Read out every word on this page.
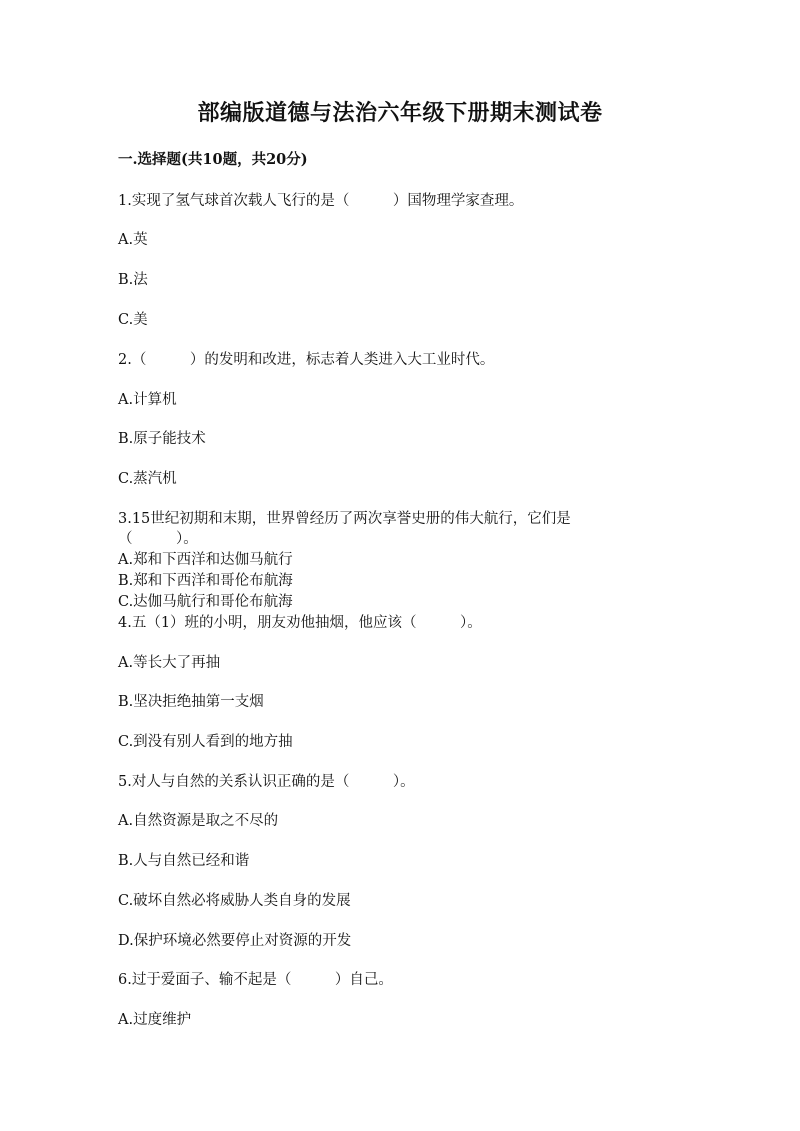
部编版道德与法治六年级下册期末测试卷
一.选择题(共10题，共20分)
1.实现了氢气球首次载人飞行的是（　　　）国物理学家查理。
A.英
B.法
C.美
2.（　　　）的发明和改进，标志着人类进入大工业时代。
A.计算机
B.原子能技术
C.蒸汽机
3.15世纪初期和末期，世界曾经历了两次享誉史册的伟大航行，它们是
（　　　）。
A.郑和下西洋和达伽马航行
B.郑和下西洋和哥伦布航海
C.达伽马航行和哥伦布航海
4.五（1）班的小明，朋友劝他抽烟，他应该（　　　）。
A.等长大了再抽
B.坚决拒绝抽第一支烟
C.到没有别人看到的地方抽
5.对人与自然的关系认识正确的是（　　　）。
A.自然资源是取之不尽的
B.人与自然已经和谐
C.破坏自然必将威胁人类自身的发展
D.保护环境必然要停止对资源的开发
6.过于爱面子、输不起是（　　　）自己。
A.过度维护
